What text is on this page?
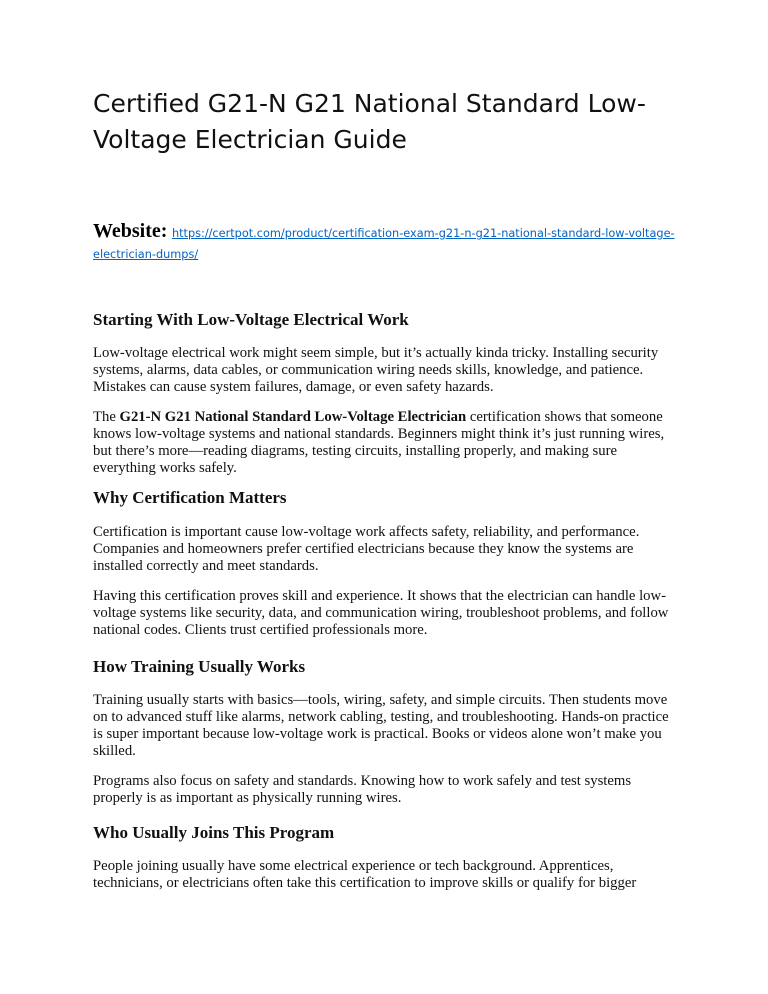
Certified G21-N G21 National Standard Low-Voltage Electrician Guide
Website: https://certpot.com/product/certification-exam-g21-n-g21-national-standard-low-voltage-electrician-dumps/
Starting With Low-Voltage Electrical Work

Low-voltage electrical work might seem simple, but it’s actually kinda tricky. Installing security systems, alarms, data cables, or communication wiring needs skills, knowledge, and patience. Mistakes can cause system failures, damage, or even safety hazards.

The G21-N G21 National Standard Low-Voltage Electrician certification shows that someone knows low-voltage systems and national standards. Beginners might think it’s just running wires, but there’s more—reading diagrams, testing circuits, installing properly, and making sure everything works safely.

Why Certification Matters

Certification is important cause low-voltage work affects safety, reliability, and performance. Companies and homeowners prefer certified electricians because they know the systems are installed correctly and meet standards.

Having this certification proves skill and experience. It shows that the electrician can handle low-voltage systems like security, data, and communication wiring, troubleshoot problems, and follow national codes. Clients trust certified professionals more.

How Training Usually Works

Training usually starts with basics—tools, wiring, safety, and simple circuits. Then students move on to advanced stuff like alarms, network cabling, testing, and troubleshooting. Hands-on practice is super important because low-voltage work is practical. Books or videos alone won’t make you skilled.

Programs also focus on safety and standards. Knowing how to work safely and test systems properly is as important as physically running wires.

Who Usually Joins This Program

People joining usually have some electrical experience or tech background. Apprentices, technicians, or electricians often take this certification to improve skills or qualify for bigger
